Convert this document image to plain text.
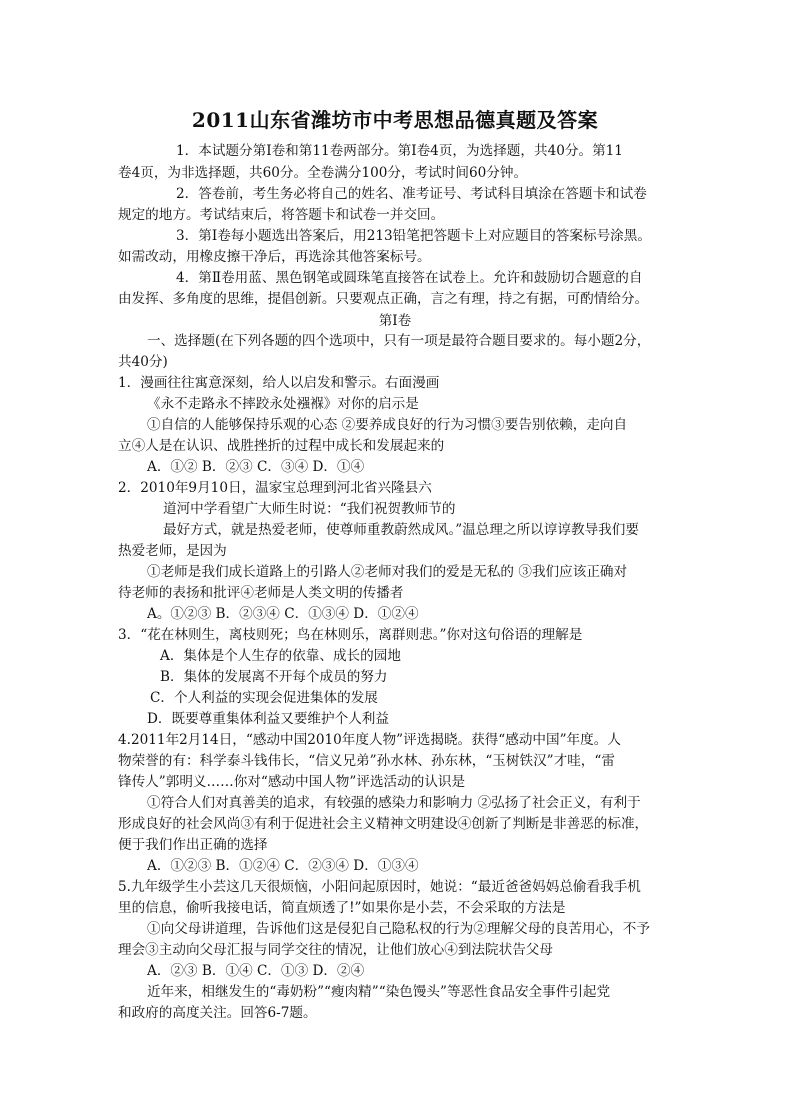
2011山东省潍坊市中考思想品德真题及答案
1．本试题分第Ⅰ卷和第11卷两部分。第Ⅰ卷4页，为选择题，共40分。第11
卷4页，为非选择题，共60分。全卷满分100分，考试时间60分钟。
2．答卷前，考生务必将自己的姓名、准考证号、考试科目填涂在答题卡和试卷
规定的地方。考试结束后，将答题卡和试卷一并交回。
3．第Ⅰ卷每小题选出答案后，用213铅笔把答题卡上对应题目的答案标号涂黑。
如需改动，用橡皮擦干净后，再选涂其他答案标号。
4．第Ⅱ卷用蓝、黑色钢笔或圆珠笔直接答在试卷上。允许和鼓励切合题意的自
由发挥、多角度的思维，提倡创新。只要观点正确，言之有理，持之有据，可酌情给分。
第Ⅰ卷
一、选择题(在下列各题的四个选项中，只有一项是最符合题目要求的。每小题2分，
共40分)
1．漫画往往寓意深刻，给人以启发和警示。右面漫画
《永不走路永不摔跤永处襁褓》对你的启示是
①自信的人能够保持乐观的心态 ②要养成良好的行为习惯③要告别依赖，走向自
立④人是在认识、战胜挫折的过程中成长和发展起来的
A．①② B．②③ C．③④ D．①④
2．2010年9月10日，温家宝总理到河北省兴隆县六
道河中学看望广大师生时说：“我们祝贺教师节的
最好方式，就是热爱老师，使尊师重教蔚然成风。”温总理之所以谆谆教导我们要
热爱老师，是因为
①老师是我们成长道路上的引路人②老师对我们的爱是无私的 ③我们应该正确对
待老师的表扬和批评④老师是人类文明的传播者
A。①②③ B．②③④ C．①③④ D．①②④
3．“花在林则生，离枝则死；鸟在林则乐，离群则悲。”你对这句俗语的理解是
A．集体是个人生存的依靠、成长的园地
B．集体的发展离不开每个成员的努力
C．个人利益的实现会促进集体的发展
D．既要尊重集体利益又要维护个人利益
4.2011年2月14日，“感动中国2010年度人物”评选揭晓。获得“感动中国”年度。人
物荣誉的有：科学泰斗钱伟长，“信义兄弟”孙水林、孙东林，“玉树铁汉”才哇，“雷
锋传人”郭明义……你对“感动中国人物”评选活动的认识是
①符合人们对真善美的追求，有较强的感染力和影响力 ②弘扬了社会正义，有利于
形成良好的社会风尚③有利于促进社会主义精神文明建设④创新了判断是非善恶的标准，
便于我们作出正确的选择
A．①②③ B．①②④ C．②③④ D．①③④
5.九年级学生小芸这几天很烦恼，小阳问起原因时，她说：“最近爸爸妈妈总偷看我手机
里的信息，偷听我接电话，简直烦透了!”如果你是小芸，不会采取的方法是
①向父母讲道理，告诉他们这是侵犯自己隐私权的行为②理解父母的良苦用心，不予
理会③主动向父母汇报与同学交往的情况，让他们放心④到法院状告父母
A．②③ B．①④ C．①③ D．②④
近年来，相继发生的“毒奶粉”“瘦肉精”“染色馒头”等恶性食品安全事件引起党
和政府的高度关注。回答6-7题。
